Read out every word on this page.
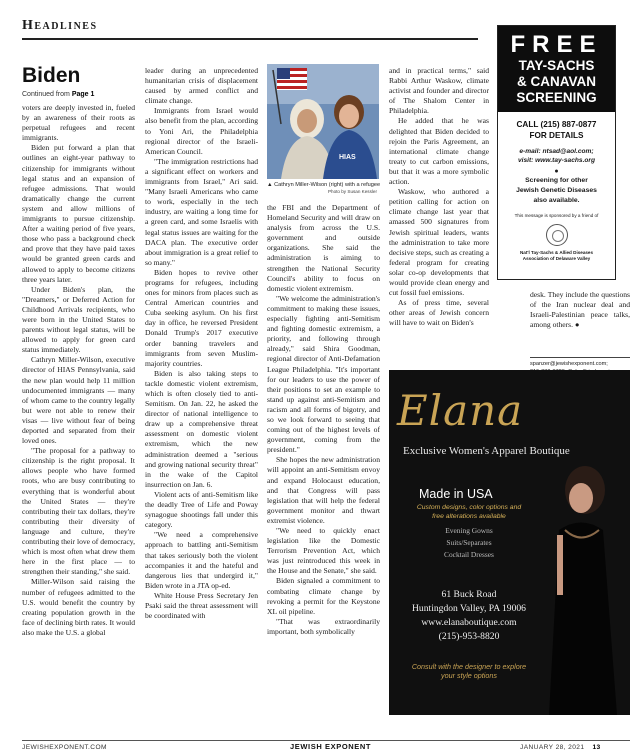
Headlines
Biden
Continued from Page 1

voters are deeply invested in, fueled by an awareness of their roots as perpetual refugees and recent immigrants.

Biden put forward a plan that outlines an eight-year pathway to citizenship for immigrants without legal status and an expansion of refugee admissions. That would dramatically change the current system and allow millions of immigrants to pursue citizenship. After a waiting period of five years, those who pass a background check and prove that they have paid taxes would be granted green cards and allowed to apply to become citizens three years later.

Under Biden's plan, the "Dreamers," or Deferred Action for Childhood Arrivals recipients, who were born in the United States to parents without legal status, will be allowed to apply for green card status immediately.

Cathryn Miller-Wilson, executive director of HIAS Pennsylvania, said the new plan would help 11 million undocumented immigrants — many of whom came to the country legally but were not able to renew their visas — live without fear of being deported and separated from their loved ones.

"The proposal for a pathway to citizenship is the right proposal. It allows people who have formed roots, who are busy contributing to everything that is wonderful about the United States — they're contributing their tax dollars, they're contributing their diversity of language and culture, they're contributing their love of democracy, which is most often what drew them here in the first place — to strengthen their standing," she said.

Miller-Wilson said raising the number of refugees admitted to the U.S. would benefit the country by creating population growth in the face of declining birth rates. It would also make the U.S. a global

leader during an unprecedented humanitarian crisis of displacement caused by armed conflict and climate change.

Immigrants from Israel would also benefit from the plan, according to Yoni Ari, the Philadelphia regional director of the Israeli-American Council.

"The immigration restrictions had a significant effect on workers and immigrants from Israel," Ari said. "Many Israeli Americans who came to work, especially in the tech industry, are waiting a long time for a green card, and some Israelis with legal status issues are waiting for the DACA plan. The executive order about immigration is a great relief to so many."

Biden hopes to revive other programs for refugees, including ones for minors from places such as Central American countries and Cuba seeking asylum. On his first day in office, he reversed President Donald Trump's 2017 executive order banning travelers and immigrants from seven Muslim-majority countries.

Biden is also taking steps to tackle domestic violent extremism, which is often closely tied to anti-Semitism. On Jan. 22, he asked the director of national intelligence to draw up a comprehensive threat assessment on domestic violent extremism, which the new administration deemed a "serious and growing national security threat" in the wake of the Capitol insurrection on Jan. 6.

Violent acts of anti-Semitism like the deadly Tree of Life and Poway synagogue shootings fall under this category.

"We need a comprehensive approach to battling anti-Semitism that takes seriously both the violent accompanies it and the hateful and dangerous lies that undergird it," Biden wrote in a JTA op-ed.

White House Press Secretary Jen Psaki said the threat assessment will be coordinated with

HIAS
▲ Cathryn Miller-Wilson (right) with a refugee
Photo by Susan Kessler

the FBI and the Department of Homeland Security and will draw on analysis from across the U.S. government and outside organizations. She said the administration is aiming to strengthen the National Security Council's ability to focus on domestic violent extremism.

"We welcome the administration's commitment to making these issues, especially fighting anti-Semitism and fighting domestic extremism, a priority, and following through already," said Shira Goodman, regional director of Anti-Defamation League Philadelphia. "It's important for our leaders to use the power of their positions to set an example to stand up against anti-Semitism and racism and all forms of bigotry, and so we look forward to seeing that coming out of the highest levels of government, coming from the president."

She hopes the new administration will appoint an anti-Semitism envoy and expand Holocaust education, and that Congress will pass legislation that will help the federal government monitor and thwart extremist violence.

"We need to quickly enact legislation like the Domestic Terrorism Prevention Act, which was just reintroduced this week in the House and the Senate," she said.

Biden signaled a commitment to combating climate change by revoking a permit for the Keystone XL oil pipeline.

"That was extraordinarily important, both symbolically

and in practical terms," said Rabbi Arthur Waskow, climate activist and founder and director of The Shalom Center in Philadelphia.

He added that he was delighted that Biden decided to rejoin the Paris Agreement, an international climate change treaty to cut carbon emissions, but that it was a more symbolic action.

Waskow, who authored a petition calling for action on climate change last year that amassed 500 signatures from Jewish spiritual leaders, wants the administration to take more decisive steps, such as creating a federal program for creating solar co-op developments that would provide clean energy and cut fossil fuel emissions.

As of press time, several other areas of Jewish concern will have to wait on Biden's

desk. They include the questions of the Iran nuclear deal and Israeli-Palestinian peace talks, among others. ●

spanzer@jewishexponent.com;
FREE
TAY-SACHS
& CANAVAN
SCREENING
CALL (215) 887-0877
FOR DETAILS
e-mail: ntsad@aol.com;
visit: www.tay-sachs.org
●
Screening for other
Jewish Genetic Diseases
also available.
This message is sponsored by a friend of
Nat'l Tay-Sachs & Allied Diseases
Association of Delaware Valley
Elana
Exclusive Women's Apparel Boutique
Made in USA
Custom designs, color options and
free alterations available
Evening Gowns
Suits/Separates
Cocktail Dresses
61 Buck Road
Huntingdon Valley, PA 19006
www.elanaboutique.com
(215)-953-8820
Consult with the designer to explore
your style options
JEWISHEXPONENT.COM	JEWISH EXPONENT	JANUARY 28, 2021 13
